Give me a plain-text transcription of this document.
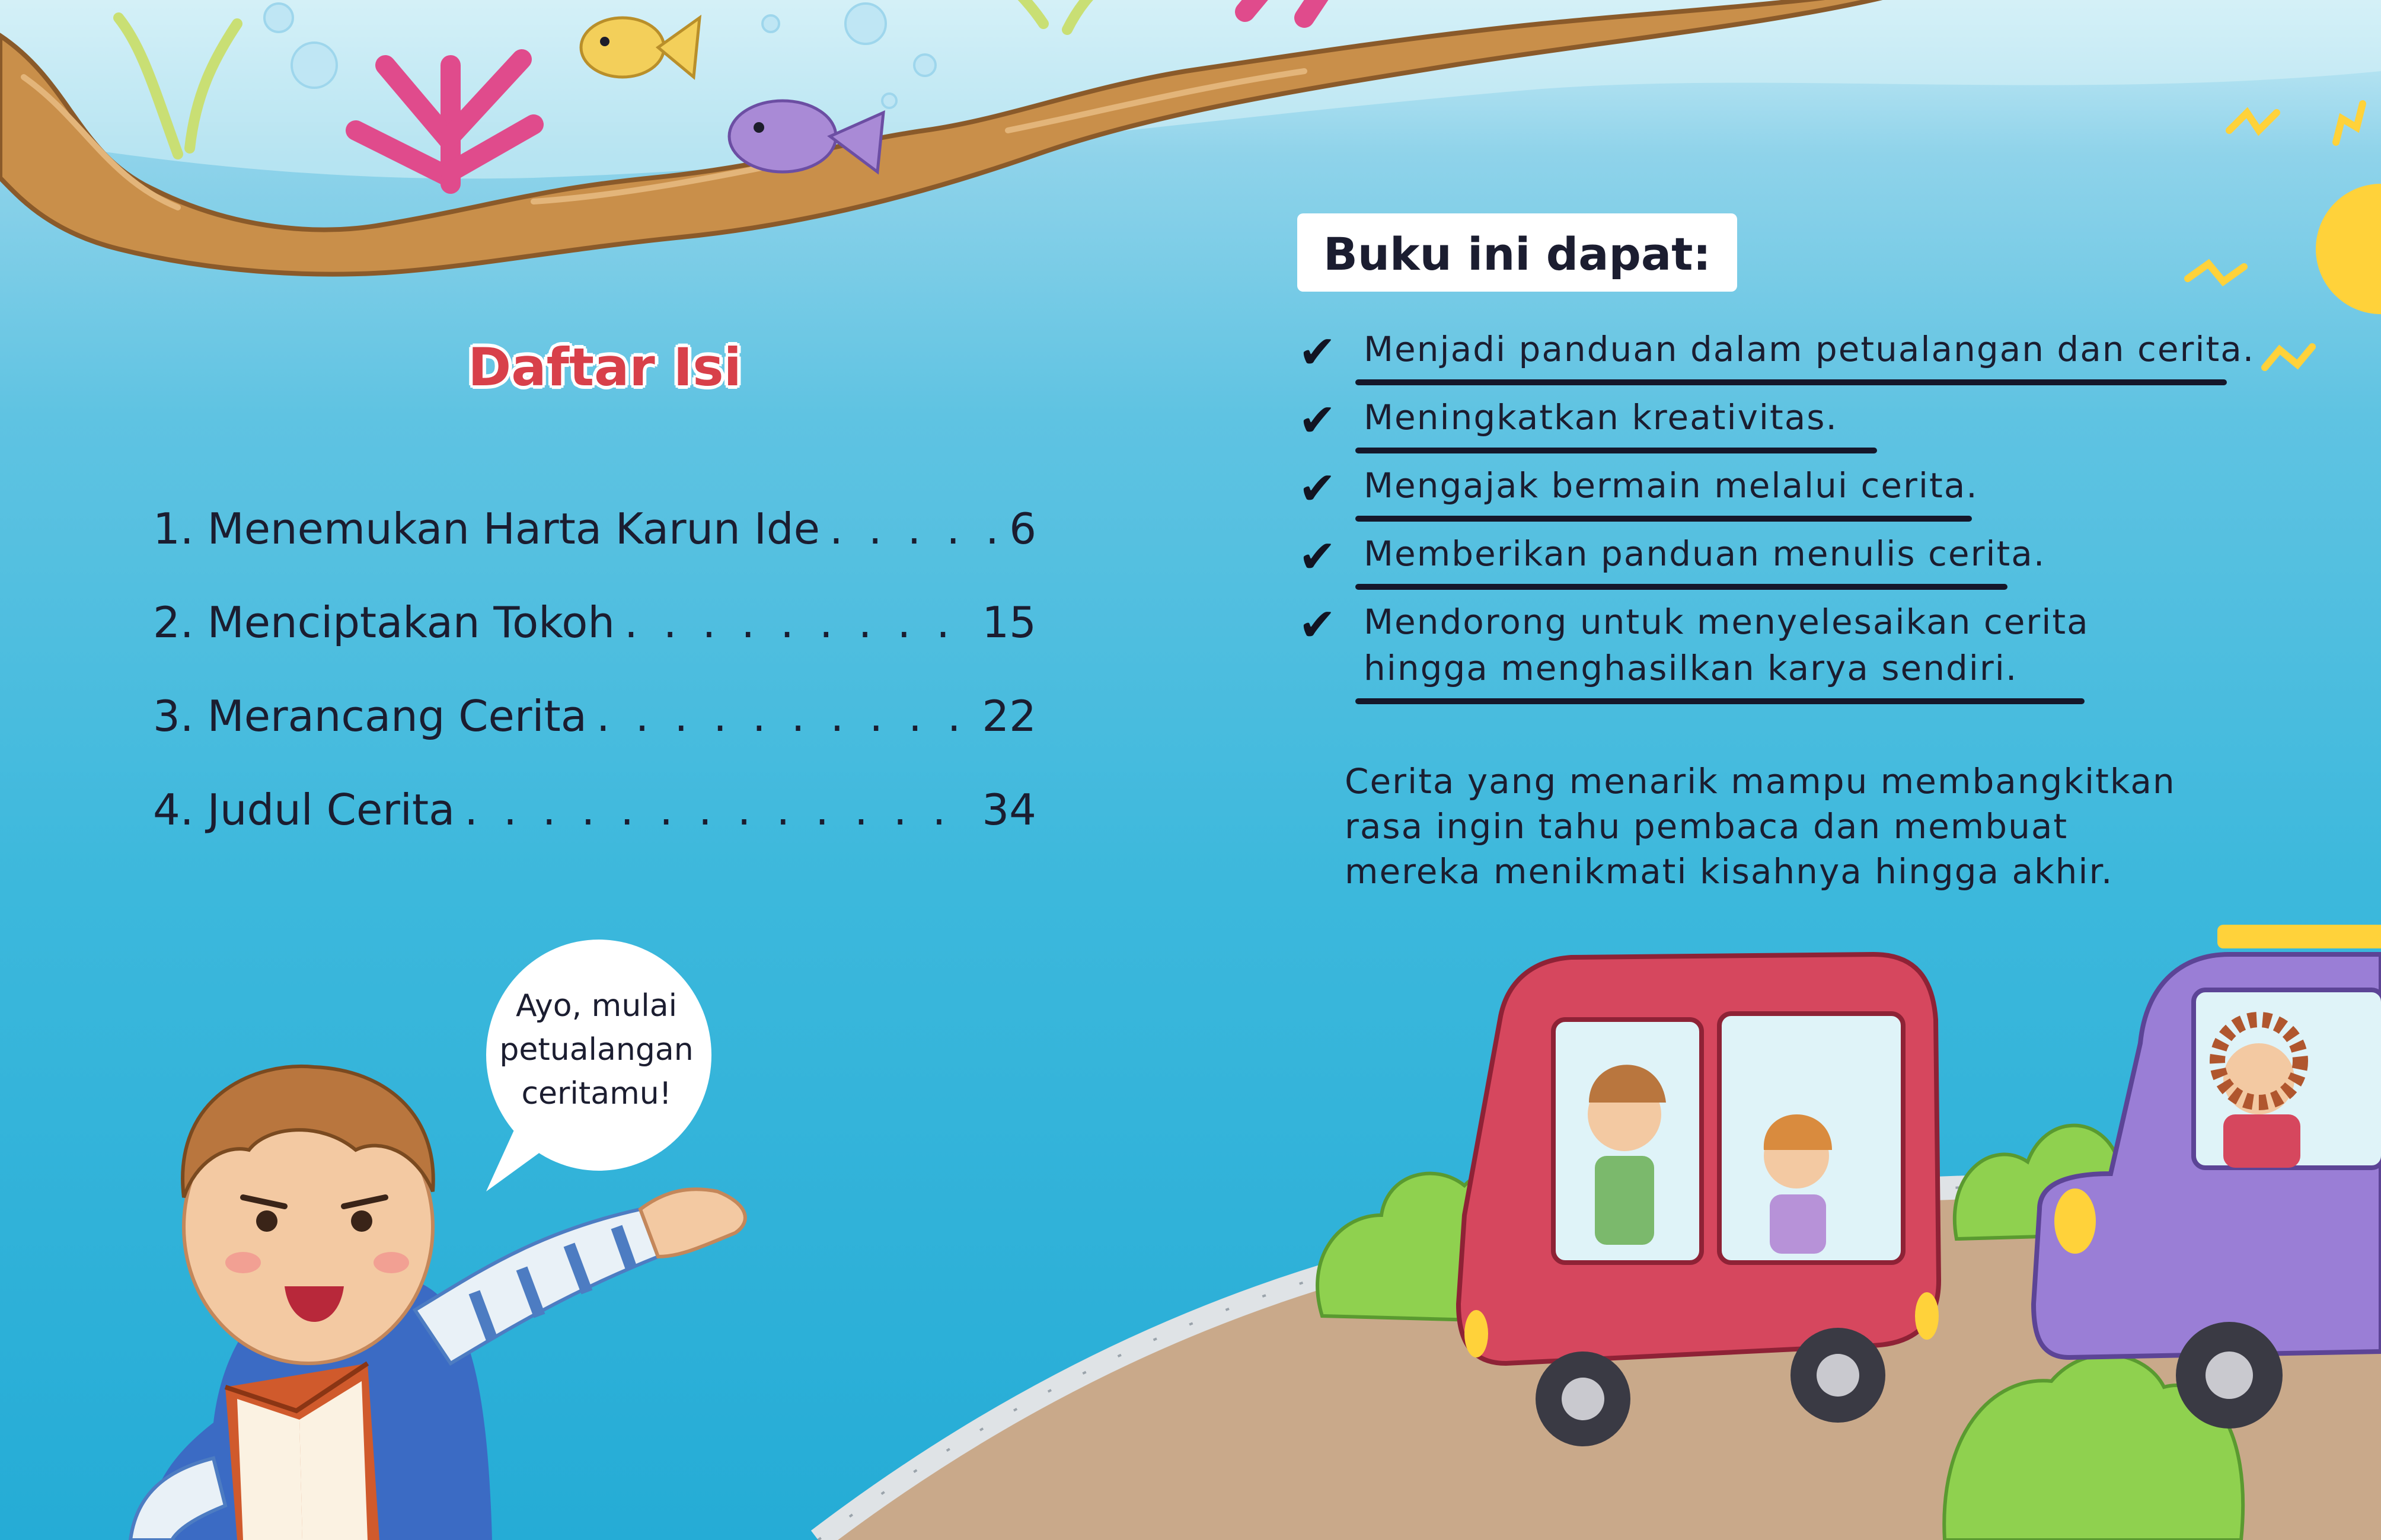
Daftar Isi
1. Menemukan Harta Karun Ide . . .	6
2. Menciptakan Tokoh . . .	15
3. Merancang Cerita . . .	22
4. Judul Cerita . . .	34
Buku ini dapat:
✔ Menjadi panduan dalam petualangan dan cerita.
✔ Meningkatkan kreativitas.
✔ Mengajak bermain melalui cerita.
✔ Memberikan panduan menulis cerita.
✔ Mendorong untuk menyelesaikan cerita
hingga menghasilkan karya sendiri.
Cerita yang menarik mampu membangkitkan
rasa ingin tahu pembaca dan membuat
mereka menikmati kisahnya hingga akhir.
Ayo, mulai
petualangan
ceritamu!
